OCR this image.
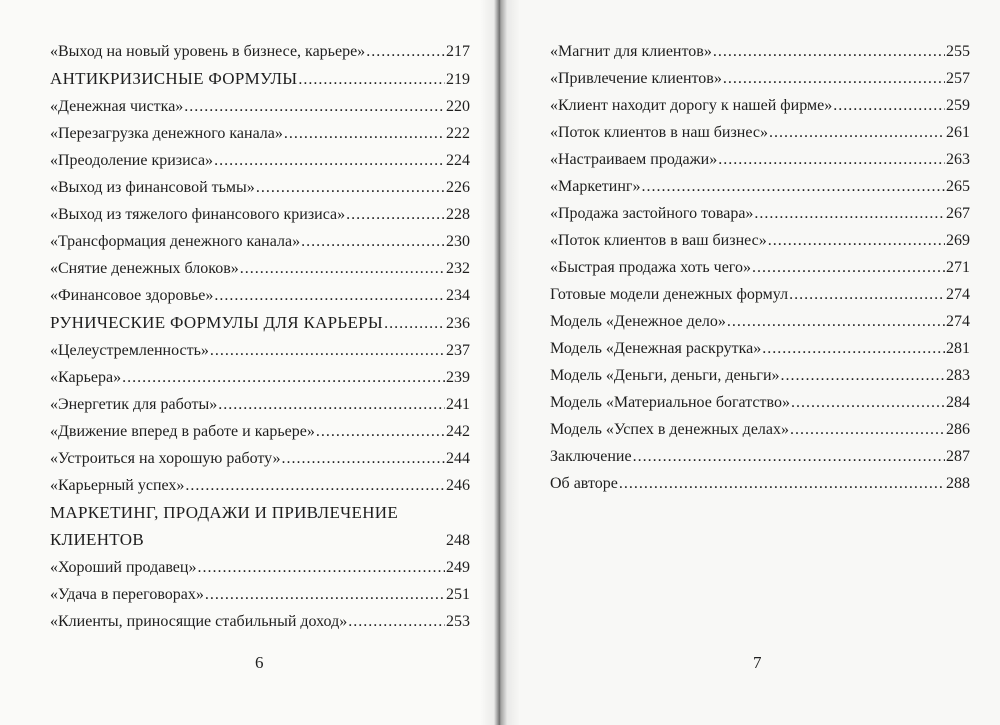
«Выход на новый уровень в бизнесе, карьере» .....	217
АНТИКРИЗИСНЫЕ ФОРМУЛЫ .....	219
«Денежная чистка» .....	220
«Перезагрузка денежного канала» .....	222
«Преодоление кризиса» .....	224
«Выход из финансовой тьмы» .....	226
«Выход из тяжелого финансового кризиса» .....	228
«Трансформация денежного канала» .....	230
«Снятие денежных блоков» .....	232
«Финансовое здоровье» .....	234
РУНИЧЕСКИЕ ФОРМУЛЫ ДЛЯ КАРЬЕРЫ .....	236
«Целеустремленность» .....	237
«Карьера» .....	239
«Энергетик для работы» .....	241
«Движение вперед в работе и карьере» .....	242
«Устроиться на хорошую работу» .....	244
«Карьерный успех» .....	246
МАРКЕТИНГ, ПРОДАЖИ И ПРИВЛЕЧЕНИЕ
КЛИЕНТОВ	248
«Хороший продавец» .....	249
«Удача в переговорах» .....	251
«Клиенты, приносящие стабильный доход» .....	253
6
«Магнит для клиентов» .....	255
«Привлечение клиентов» .....	257
«Клиент находит дорогу к нашей фирме» .....	259
«Поток клиентов в наш бизнес» .....	261
«Настраиваем продажи» .....	263
«Маркетинг» .....	265
«Продажа застойного товара» .....	267
«Поток клиентов в ваш бизнес» .....	269
«Быстрая продажа хоть чего» .....	271
Готовые модели денежных формул .....	274
Модель «Денежное дело» .....	274
Модель «Денежная раскрутка» .....	281
Модель «Деньги, деньги, деньги» .....	283
Модель «Материальное богатство» .....	284
Модель «Успех в денежных делах» .....	286
Заключение .....	287
Об авторе .....	288
7
